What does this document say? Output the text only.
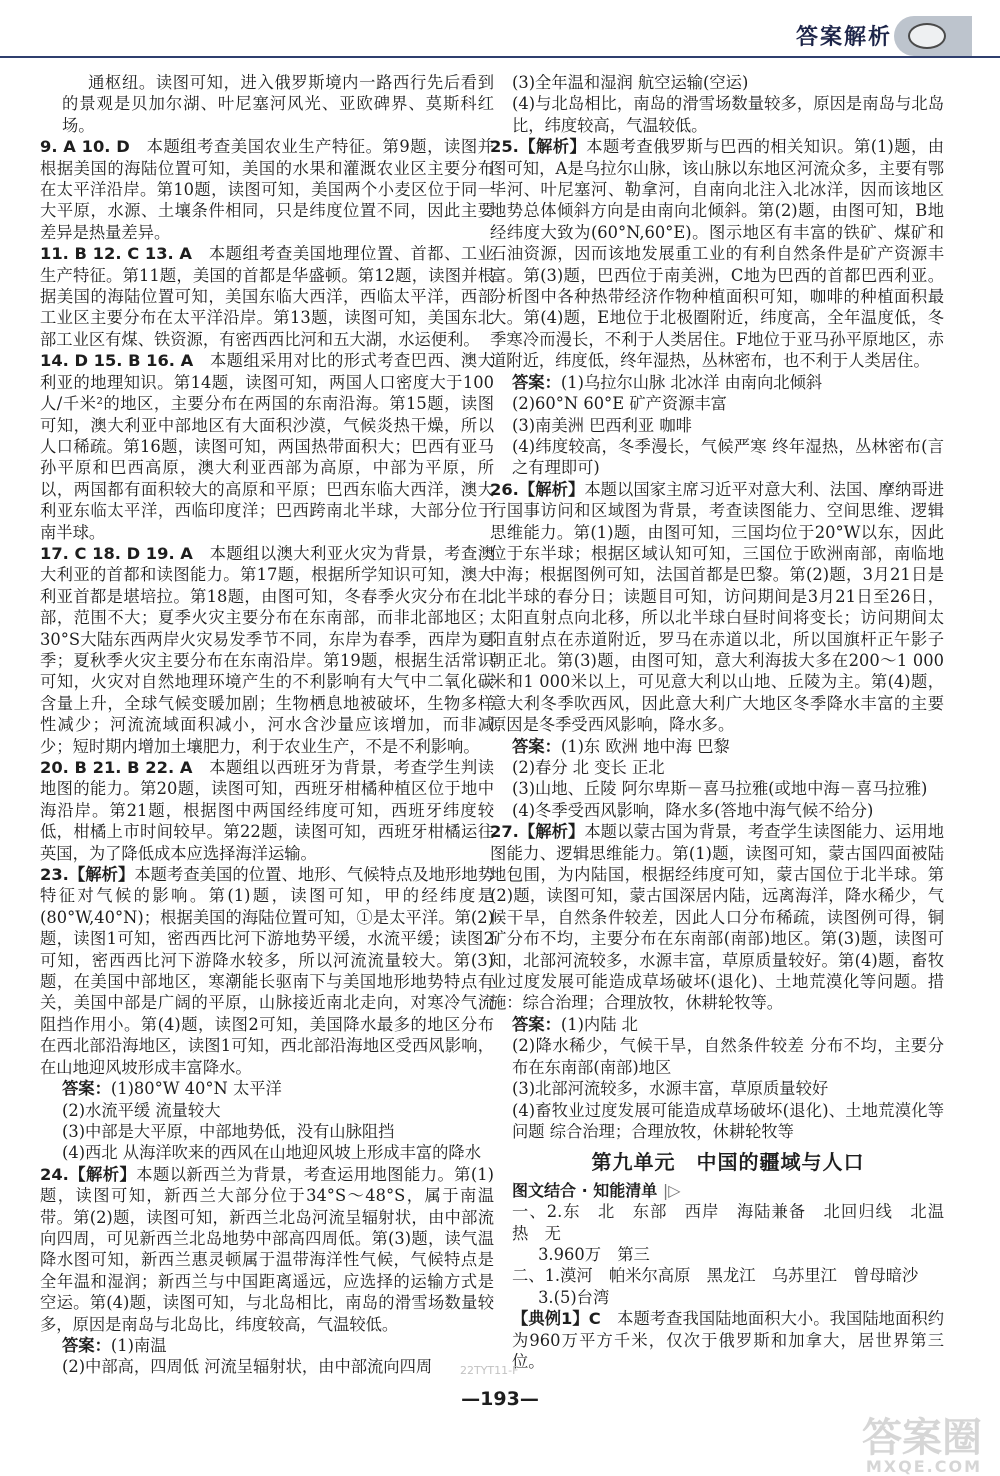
答案解析

通枢纽。读图可知，进入俄罗斯境内一路西行先后看到的景观是贝加尔湖、叶尼塞河风光、亚欧碑界、莫斯科红场。

9. A 10. D 本题组考查美国农业生产特征。第9题，读图并根据美国的海陆位置可知，美国的水果和灌溉农业区主要分布在太平洋沿岸。第10题，读图可知，美国两个小麦区位于同一大平原，水源、土壤条件相同，只是纬度位置不同，因此主要差异是热量差异。

11. B 12. C 13. A 本题组考查美国地理位置、首都、工业生产特征。第11题，美国的首都是华盛顿。第12题，读图并根据美国的海陆位置可知，美国东临大西洋，西临太平洋，西部工业区主要分布在太平洋沿岸。第13题，读图可知，美国东北部工业区有煤、铁资源，有密西西比河和五大湖，水运便利。

14. D 15. B 16. A 本题组采用对比的形式考查巴西、澳大利亚的地理知识。第14题，读图可知，两国人口密度大于100人/千米²的地区，主要分布在两国的东南沿海。第15题，读图可知，澳大利亚中部地区有大面积沙漠，气候炎热干燥，所以人口稀疏。第16题，读图可知，两国热带面积大；巴西有亚马孙平原和巴西高原，澳大利亚西部为高原，中部为平原，所以，两国都有面积较大的高原和平原；巴西东临大西洋，澳大利亚东临太平洋，西临印度洋；巴西跨南北半球，大部分位于南半球。

17. C 18. D 19. A 本题组以澳大利亚火灾为背景，考查澳大利亚的首都和读图能力。第17题，根据所学知识可知，澳大利亚首都是堪培拉。第18题，由图可知，冬春季火灾分布在北部，范围不大；夏季火灾主要分布在东南部，而非北部地区；30°S大陆东西两岸火灾易发季节不同，东岸为春季，西岸为夏季；夏秋季火灾主要分布在东南沿岸。第19题，根据生活常识可知，火灾对自然地理环境产生的不利影响有大气中二氧化碳含量上升，全球气候变暖加剧；生物栖息地被破坏，生物多样性减少；河流流域面积减小，河水含沙量应该增加，而非减少；短时期内增加土壤肥力，利于农业生产，不是不利影响。

20. B 21. B 22. A 本题组以西班牙为背景，考查学生判读地图的能力。第20题，读图可知，西班牙柑橘种植区位于地中海沿岸。第21题，根据图中两国经纬度可知，西班牙纬度较低，柑橘上市时间较早。第22题，读图可知，西班牙柑橘运往英国，为了降低成本应选择海洋运输。

23.【解析】本题考查美国的位置、地形、气候特点及地形地势特征对气候的影响。第(1)题，读图可知，甲的经纬度是(80°W,40°N)；根据美国的海陆位置可知，①是太平洋。第(2)题，读图1可知，密西西比河下游地势平缓，水流平缓；读图2可知，密西西比河下游降水较多，所以河流流量较大。第(3)题，在美国中部地区，寒潮能长驱南下与美国地形地势特点有关，美国中部是广阔的平原，山脉接近南北走向，对寒冷气流阻挡作用小。第(4)题，读图2可知，美国降水最多的地区分布在西北部沿海地区，读图1可知，西北部沿海地区受西风影响，在山地迎风坡形成丰富降水。

答案：(1)80°W 40°N 太平洋

(2)水流平缓 流量较大

(3)中部是大平原，中部地势低，没有山脉阻挡

(4)西北 从海洋吹来的西风在山地迎风坡上形成丰富的降水

24.【解析】本题以新西兰为背景，考查运用地图能力。第(1)题，读图可知，新西兰大部分位于34°S～48°S，属于南温带。第(2)题，读图可知，新西兰北岛河流呈辐射状，由中部流向四周，可见新西兰北岛地势中部高四周低。第(3)题，读气温降水图可知，新西兰惠灵顿属于温带海洋性气候，气候特点是全年温和湿润；新西兰与中国距离遥远，应选择的运输方式是空运。第(4)题，读图可知，与北岛相比，南岛的滑雪场数量较多，原因是南岛与北岛比，纬度较高，气温较低。

答案：(1)南温

(2)中部高，四周低 河流呈辐射状，由中部流向四周

(3)全年温和湿润 航空运输(空运)

(4)与北岛相比，南岛的滑雪场数量较多，原因是南岛与北岛比，纬度较高，气温较低。

25.【解析】本题考查俄罗斯与巴西的相关知识。第(1)题，由图可知，A是乌拉尔山脉，该山脉以东地区河流众多，主要有鄂毕河、叶尼塞河、勒拿河，自南向北注入北冰洋，因而该地区地势总体倾斜方向是由南向北倾斜。第(2)题，由图可知，B地经纬度大致为(60°N,60°E)。图示地区有丰富的铁矿、煤矿和石油资源，因而该地发展重工业的有利自然条件是矿产资源丰富。第(3)题，巴西位于南美洲，C地为巴西的首都巴西利亚。分析图中各种热带经济作物种植面积可知，咖啡的种植面积最大。第(4)题，E地位于北极圈附近，纬度高，全年温度低，冬季寒冷而漫长，不利于人类居住。F地位于亚马孙平原地区，赤道附近，纬度低，终年湿热，丛林密布，也不利于人类居住。

答案：(1)乌拉尔山脉 北冰洋 由南向北倾斜

(2)60°N 60°E 矿产资源丰富

(3)南美洲 巴西利亚 咖啡

(4)纬度较高，冬季漫长，气候严寒 终年湿热，丛林密布(言之有理即可)

26.【解析】本题以国家主席习近平对意大利、法国、摩纳哥进行国事访问和区域图为背景，考查读图能力、空间思维、逻辑思维能力。第(1)题，由图可知，三国均位于20°W以东，因此位于东半球；根据区域认知可知，三国位于欧洲南部，南临地中海；根据图例可知，法国首都是巴黎。第(2)题，3月21日是北半球的春分日；读题目可知，访问期间是3月21日至26日，太阳直射点向北移，所以北半球白昼时间将变长；访问期间太阳直射点在赤道附近，罗马在赤道以北，所以国旗杆正午影子朝正北。第(3)题，由图可知，意大利海拔大多在200～1 000米和1 000米以上，可见意大利以山地、丘陵为主。第(4)题，意大利冬季吹西风，因此意大利广大地区冬季降水丰富的主要原因是冬季受西风影响，降水多。

答案：(1)东 欧洲 地中海 巴黎

(2)春分 北 变长 正北

(3)山地、丘陵 阿尔卑斯－喜马拉雅(或地中海－喜马拉雅)

(4)冬季受西风影响，降水多(答地中海气候不给分)

27.【解析】本题以蒙古国为背景，考查学生读图能力、运用地图能力、逻辑思维能力。第(1)题，读图可知，蒙古国四面被陆地包围，为内陆国，根据经纬度可知，蒙古国位于北半球。第(2)题，读图可知，蒙古国深居内陆，远离海洋，降水稀少，气候干旱，自然条件较差，因此人口分布稀疏，读图例可得，铜矿分布不均，主要分布在东南部(南部)地区。第(3)题，读图可知，北部河流较多，水源丰富，草原质量较好。第(4)题，畜牧业过度发展可能造成草场破坏(退化)、土地荒漠化等问题。措施：综合治理；合理放牧，休耕轮牧等。

答案：(1)内陆 北

(2)降水稀少，气候干旱，自然条件较差 分布不均，主要分布在东南部(南部)地区

(3)北部河流较多，水源丰富，草原质量较好

(4)畜牧业过度发展可能造成草场破坏(退化)、土地荒漠化等问题 综合治理；合理放牧，休耕轮牧等

第九单元　中国的疆域与人口
图文结合 · 知能清单 |▷

一、2.东　北　东部　西岸　海陆兼备　北回归线　北温　热　无

3.960万　第三

二、1.漠河　帕米尔高原　黑龙江　乌苏里江　曾母暗沙

3.(5)台湾

【典例1】C 本题考查我国陆地面积大小。我国陆地面积约为960万平方千米，仅次于俄罗斯和加拿大，居世界第三位。

22TYT11-F
—193—
答案圈
MXQE.COM
